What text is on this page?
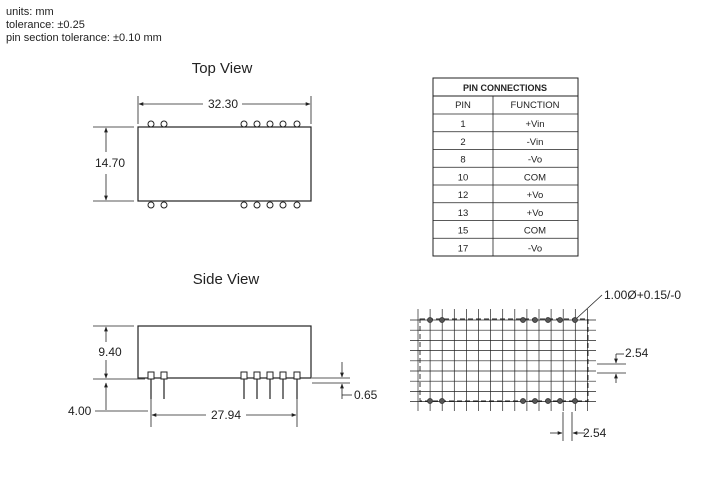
units: mm
tolerance: ±0.25
pin section tolerance: ±0.10 mm
Top View
32.30
14.70
PIN CONNECTIONS
PIN	FUNCTION
1	+Vin
2	-Vin
8	-Vo
10	COM
12	+Vo
13	+Vo
15	COM
17	-Vo
Side View
9.40
0.65
4.00	27.94
1.00Ø+0.15/-0
2.54
2.54
